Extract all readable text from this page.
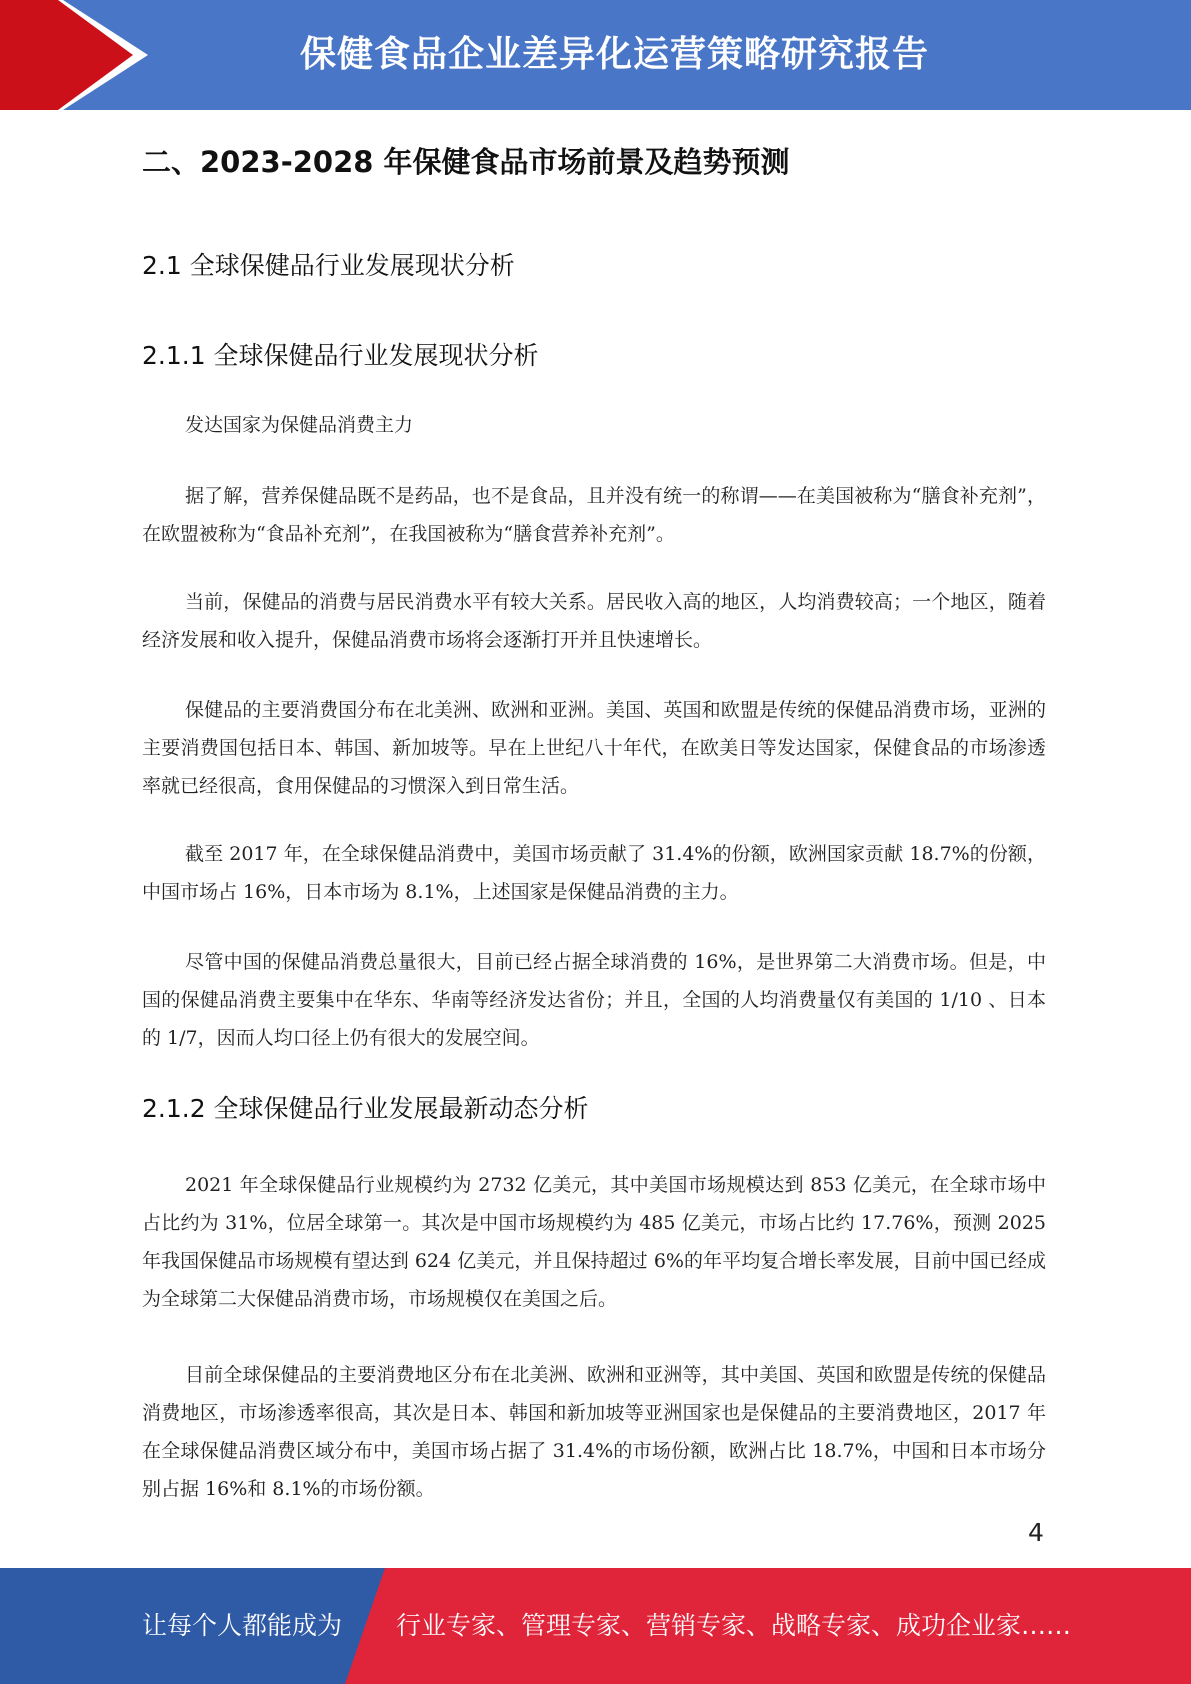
保健食品企业差异化运营策略研究报告
二、2023-2028 年保健食品市场前景及趋势预测
2.1 全球保健品行业发展现状分析
2.1.1 全球保健品行业发展现状分析

发达国家为保健品消费主力

据了解，营养保健品既不是药品，也不是食品，且并没有统一的称谓——在美国被称为“膳食补充剂”，在欧盟被称为“食品补充剂”，在我国被称为“膳食营养补充剂”。

当前，保健品的消费与居民消费水平有较大关系。居民收入高的地区，人均消费较高；一个地区，随着经济发展和收入提升，保健品消费市场将会逐渐打开并且快速增长。

保健品的主要消费国分布在北美洲、欧洲和亚洲。美国、英国和欧盟是传统的保健品消费市场，亚洲的主要消费国包括日本、韩国、新加坡等。早在上世纪八十年代，在欧美日等发达国家，保健食品的市场渗透率就已经很高，食用保健品的习惯深入到日常生活。

截至 2017 年，在全球保健品消费中，美国市场贡献了 31.4%的份额，欧洲国家贡献 18.7%的份额，中国市场占 16%，日本市场为 8.1%，上述国家是保健品消费的主力。

尽管中国的保健品消费总量很大，目前已经占据全球消费的 16%，是世界第二大消费市场。但是，中国的保健品消费主要集中在华东、华南等经济发达省份；并且，全国的人均消费量仅有美国的 1/10 、日本的 1/7，因而人均口径上仍有很大的发展空间。

2.1.2 全球保健品行业发展最新动态分析

2021 年全球保健品行业规模约为 2732 亿美元，其中美国市场规模达到 853 亿美元，在全球市场中占比约为 31%，位居全球第一。其次是中国市场规模约为 485 亿美元，市场占比约 17.76%，预测 2025 年我国保健品市场规模有望达到 624 亿美元，并且保持超过 6%的年平均复合增长率发展，目前中国已经成为全球第二大保健品消费市场，市场规模仅在美国之后。

目前全球保健品的主要消费地区分布在北美洲、欧洲和亚洲等，其中美国、英国和欧盟是传统的保健品消费地区，市场渗透率很高，其次是日本、韩国和新加坡等亚洲国家也是保健品的主要消费地区，2017 年在全球保健品消费区域分布中，美国市场占据了 31.4%的市场份额，欧洲占比 18.7%，中国和日本市场分别占据 16%和 8.1%的市场份额。

4
让每个人都能成为 行业专家、管理专家、营销专家、战略专家、成功企业家……
